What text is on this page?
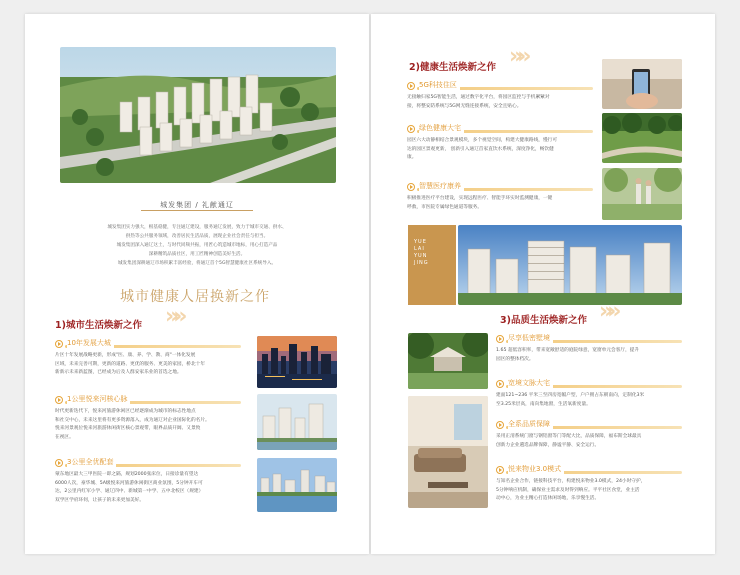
城发集团 / 礼献通辽

城发集团实力强大，根基稳健，专注通辽建设，服务通辽发展，致力于城市交通、供水、

供热等公共服务领域，改善居民生活品质，展现企业社会责任与担当。

城发集团深入通辽这土，与时代同频共振，用匠心筑造城市地标，用心打造产品

深耕精筑品质社区，用工匠精神创造美好生活。

城发集团深耕通辽市场积累丰富经验，将通辽首个5G智慧健康社区系统导入。

城市健康人居换新之作
1)城市生活焕新之作 »»
10年发展大城

片区十年发展战略更新，形成"医、康、养、学、教、商"一体化发展

区域，未来完善可期，更新的道路、更优的服务、更美的家园，桥北十年

新新示未来新蓝图，已经成为后及人群安家乐业的首选之地。

1公里悦来河核心脉

时代更新迭代下，悦来河旅游休闲区已经逐渐成为城市的标志性地点

和社交中心，未来这里将有更多资源落入，成为通辽对企业国际化的名片。

悦来河景观位悦来河旅游休闲街区核心景观带，眼界品质开阔、又景致

在视区。

3公里全优配套

蒙东地区最大三甲医院一即之隔，规划2000张床位，日接诊量有望达

6000人次，豪华城、5A级悦来河旅游休闲街区商业氛围，5分钟开车可

达，2公里内红军小学、通辽四中、新城第一中学、五中北校区（规建）

双学区学府环伺，让孩子的未来更加美好。

2)健康生活焕新之作 »»
5G科技住区

无接触归家5G智能生活，通过数字化平台，将园区监控与手机紧紧对

接，将整安防系统与5G网无缝连接系统，安全且贴心。

绿色健康大宅

园区六大动静相结合景观模块，多个视觉空间，构建大健康路线，慢行可

达的园区景观更新， 创新引入通辽首家直饮水系统，深度净化，畅饮健

康。

智慧医疗康养

积极推进医疗平台建设，实现远程医疗、智能手环实时监测健康，一键

呼救，市医院专属绿色通道等服务。

YUE
LAI
YUN
JING
3)品质生活焕新之作 »»
尽享低密墅境

1.65 超低容积率，带来宽敞舒适的庭院绿意，宽窗单元会客厅，提升

园区的整体档次。

宽境文脉大宅

建面121~236 平米三至四房宽幅户型，户户拥占东朝南向，定制化3米

至3.25米层高，南向集地窗，生活氧新度量。

全系品质保障

采用正清系统门窗与钢铝窗等门等配大比，品质保障，福布斯全球最具

创新力企业遴选品牌保障，静谧平静、安全运行。

悦来物业3.0模式

与知名企业合作，链接科技平台，构建悦来物业3.0模式，24小时守护，

5分钟响应机制，确保业主需求及时得到响应。平平社区食堂，业主活

动中心，为业主精心打造休闲场地，乐享慢生活。
